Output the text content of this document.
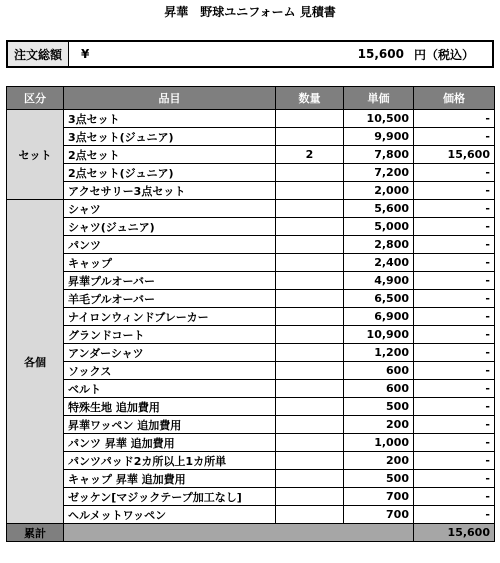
昇華　野球ユニフォーム 見積書
注文総額	¥	15,600 円（税込）
区分	品目	数量	単価	価格
セット	3点セット		10,500	-
	3点セット(ジュニア)		9,900	-
	2点セット	2	7,800	15,600
	2点セット(ジュニア)		7,200	-
	アクセサリー3点セット		2,000	-
各個	シャツ		5,600	-
	シャツ(ジュニア)		5,000	-
	パンツ		2,800	-
	キャップ		2,400	-
	昇華プルオーバー		4,900	-
	羊毛プルオーバー		6,500	-
	ナイロンウィンドブレーカー		6,900	-
	グランドコート		10,900	-
	アンダーシャツ		1,200	-
	ソックス		600	-
	ベルト		600	-
	特殊生地 追加費用		500	-
	昇華ワッペン 追加費用		200	-
	パンツ 昇華 追加費用		1,000	-
	パンツパッド2カ所以上1カ所単		200	-
	キャップ 昇華 追加費用		500	-
	ゼッケン[マジックテープ加工なし]		700	-
	ヘルメットワッペン		700	-
累計				15,600
